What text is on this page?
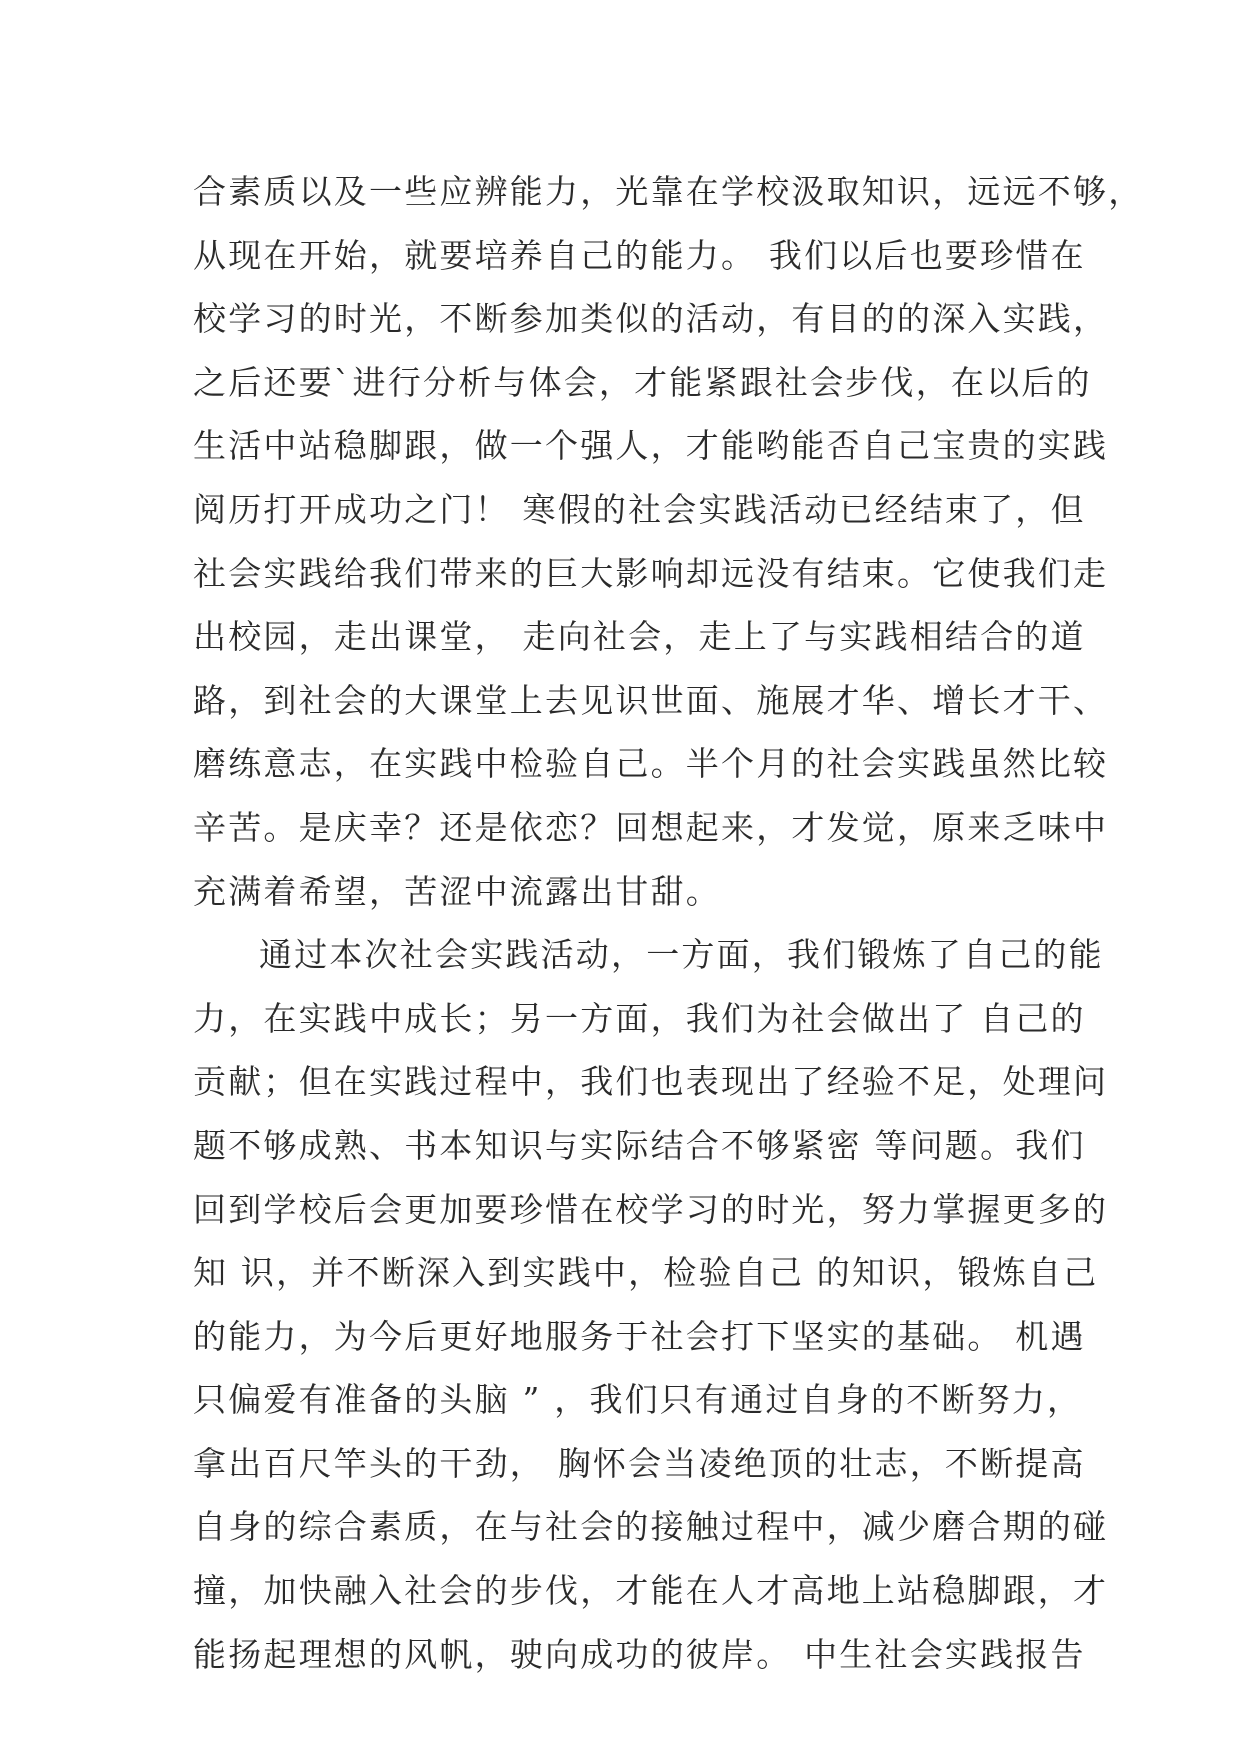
合素质以及一些应辨能力，光靠在学校汲取知识，远远不够，
从现在开始，就要培养自己的能力。 我们以后也要珍惜在
校学习的时光，不断参加类似的活动，有目的的深入实践，
之后还要`进行分析与体会，才能紧跟社会步伐，在以后的
生活中站稳脚跟，做一个强人，才能哟能否自己宝贵的实践
阅历打开成功之门！ 寒假的社会实践活动已经结束了，但
社会实践给我们带来的巨大影响却远没有结束。它使我们走
出校园，走出课堂， 走向社会，走上了与实践相结合的道
路，到社会的大课堂上去见识世面、施展才华、增长才干、
磨练意志，在实践中检验自己。半个月的社会实践虽然比较
辛苦。是庆幸？还是依恋？回想起来，才发觉，原来乏味中
充满着希望，苦涩中流露出甘甜。
通过本次社会实践活动，一方面，我们锻炼了自己的能
力，在实践中成长；另一方面，我们为社会做出了 自己的
贡献；但在实践过程中，我们也表现出了经验不足，处理问
题不够成熟、书本知识与实际结合不够紧密 等问题。我们
回到学校后会更加要珍惜在校学习的时光，努力掌握更多的
知 识，并不断深入到实践中，检验自己 的知识，锻炼自己
的能力，为今后更好地服务于社会打下坚实的基础。 机遇
只偏爱有准备的头脑 ” ，我们只有通过自身的不断努力，
拿出百尺竿头的干劲， 胸怀会当凌绝顶的壮志，不断提高
自身的综合素质，在与社会的接触过程中，减少磨合期的碰
撞，加快融入社会的步伐，才能在人才高地上站稳脚跟，才
能扬起理想的风帆，驶向成功的彼岸。 中生社会实践报告
